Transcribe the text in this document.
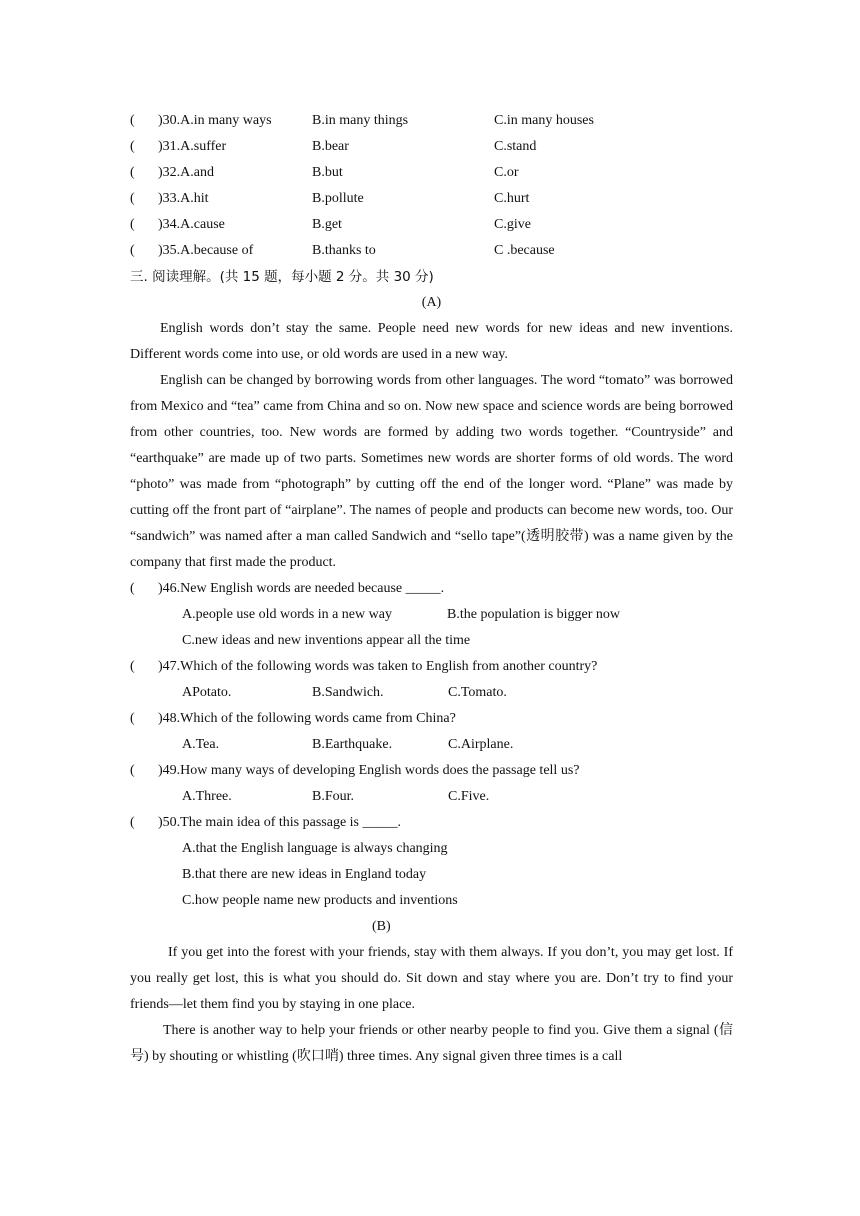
( )30.A.in many ways	B.in many things	C.in many houses
( )31.A.suffer	B.bear	C.stand
( )32.A.and	B.but	C.or
( )33.A.hit	B.pollute	C.hurt
( )34.A.cause	B.get	C.give
( )35.A.because of	B.thanks to	C .because
三. 阅读理解。(共 15 题，每小题 2 分。共 30 分)
(A)

English words don’t stay the same. People need new words for new ideas and new inventions. Different words come into use, or old words are used in a new way.

English can be changed by borrowing words from other languages. The word “tomato” was borrowed from Mexico and “tea” came from China and so on. Now new space and science words are being borrowed from other countries, too. New words are formed by adding two words together. “Countryside” and “earthquake” are made up of two parts. Sometimes new words are shorter forms of old words. The word “photo” was made from “photograph” by cutting off the end of the longer word. “Plane” was made by cutting off the front part of “airplane”. The names of people and products can become new words, too. Our “sandwich” was named after a man called Sandwich and “sello tape”(透明胶带) was a name given by the company that first made the product.

( )46.New English words are needed because _____.
A.people use old words in a new way	B.the population is bigger now
C.new ideas and new inventions appear all the time
( )47.Which of the following words was taken to English from another country?
APotato.	B.Sandwich.	C.Tomato.
( )48.Which of the following words came from China?
A.Tea.	B.Earthquake.	C.Airplane.
( )49.How many ways of developing English words does the passage tell us?
A.Three.	B.Four.	C.Five.
( )50.The main idea of this passage is _____.
A.that the English language is always changing
B.that there are new ideas in England today
C.how people name new products and inventions
(B)

If you get into the forest with your friends, stay with them always. If you don’t, you may get lost. If you really get lost, this is what you should do. Sit down and stay where you are. Don’t try to find your friends—let them find you by staying in one place.

There is another way to help your friends or other nearby people to find you. Give them a signal (信号) by shouting or whistling (吹口哨) three times. Any signal given three times is a call
